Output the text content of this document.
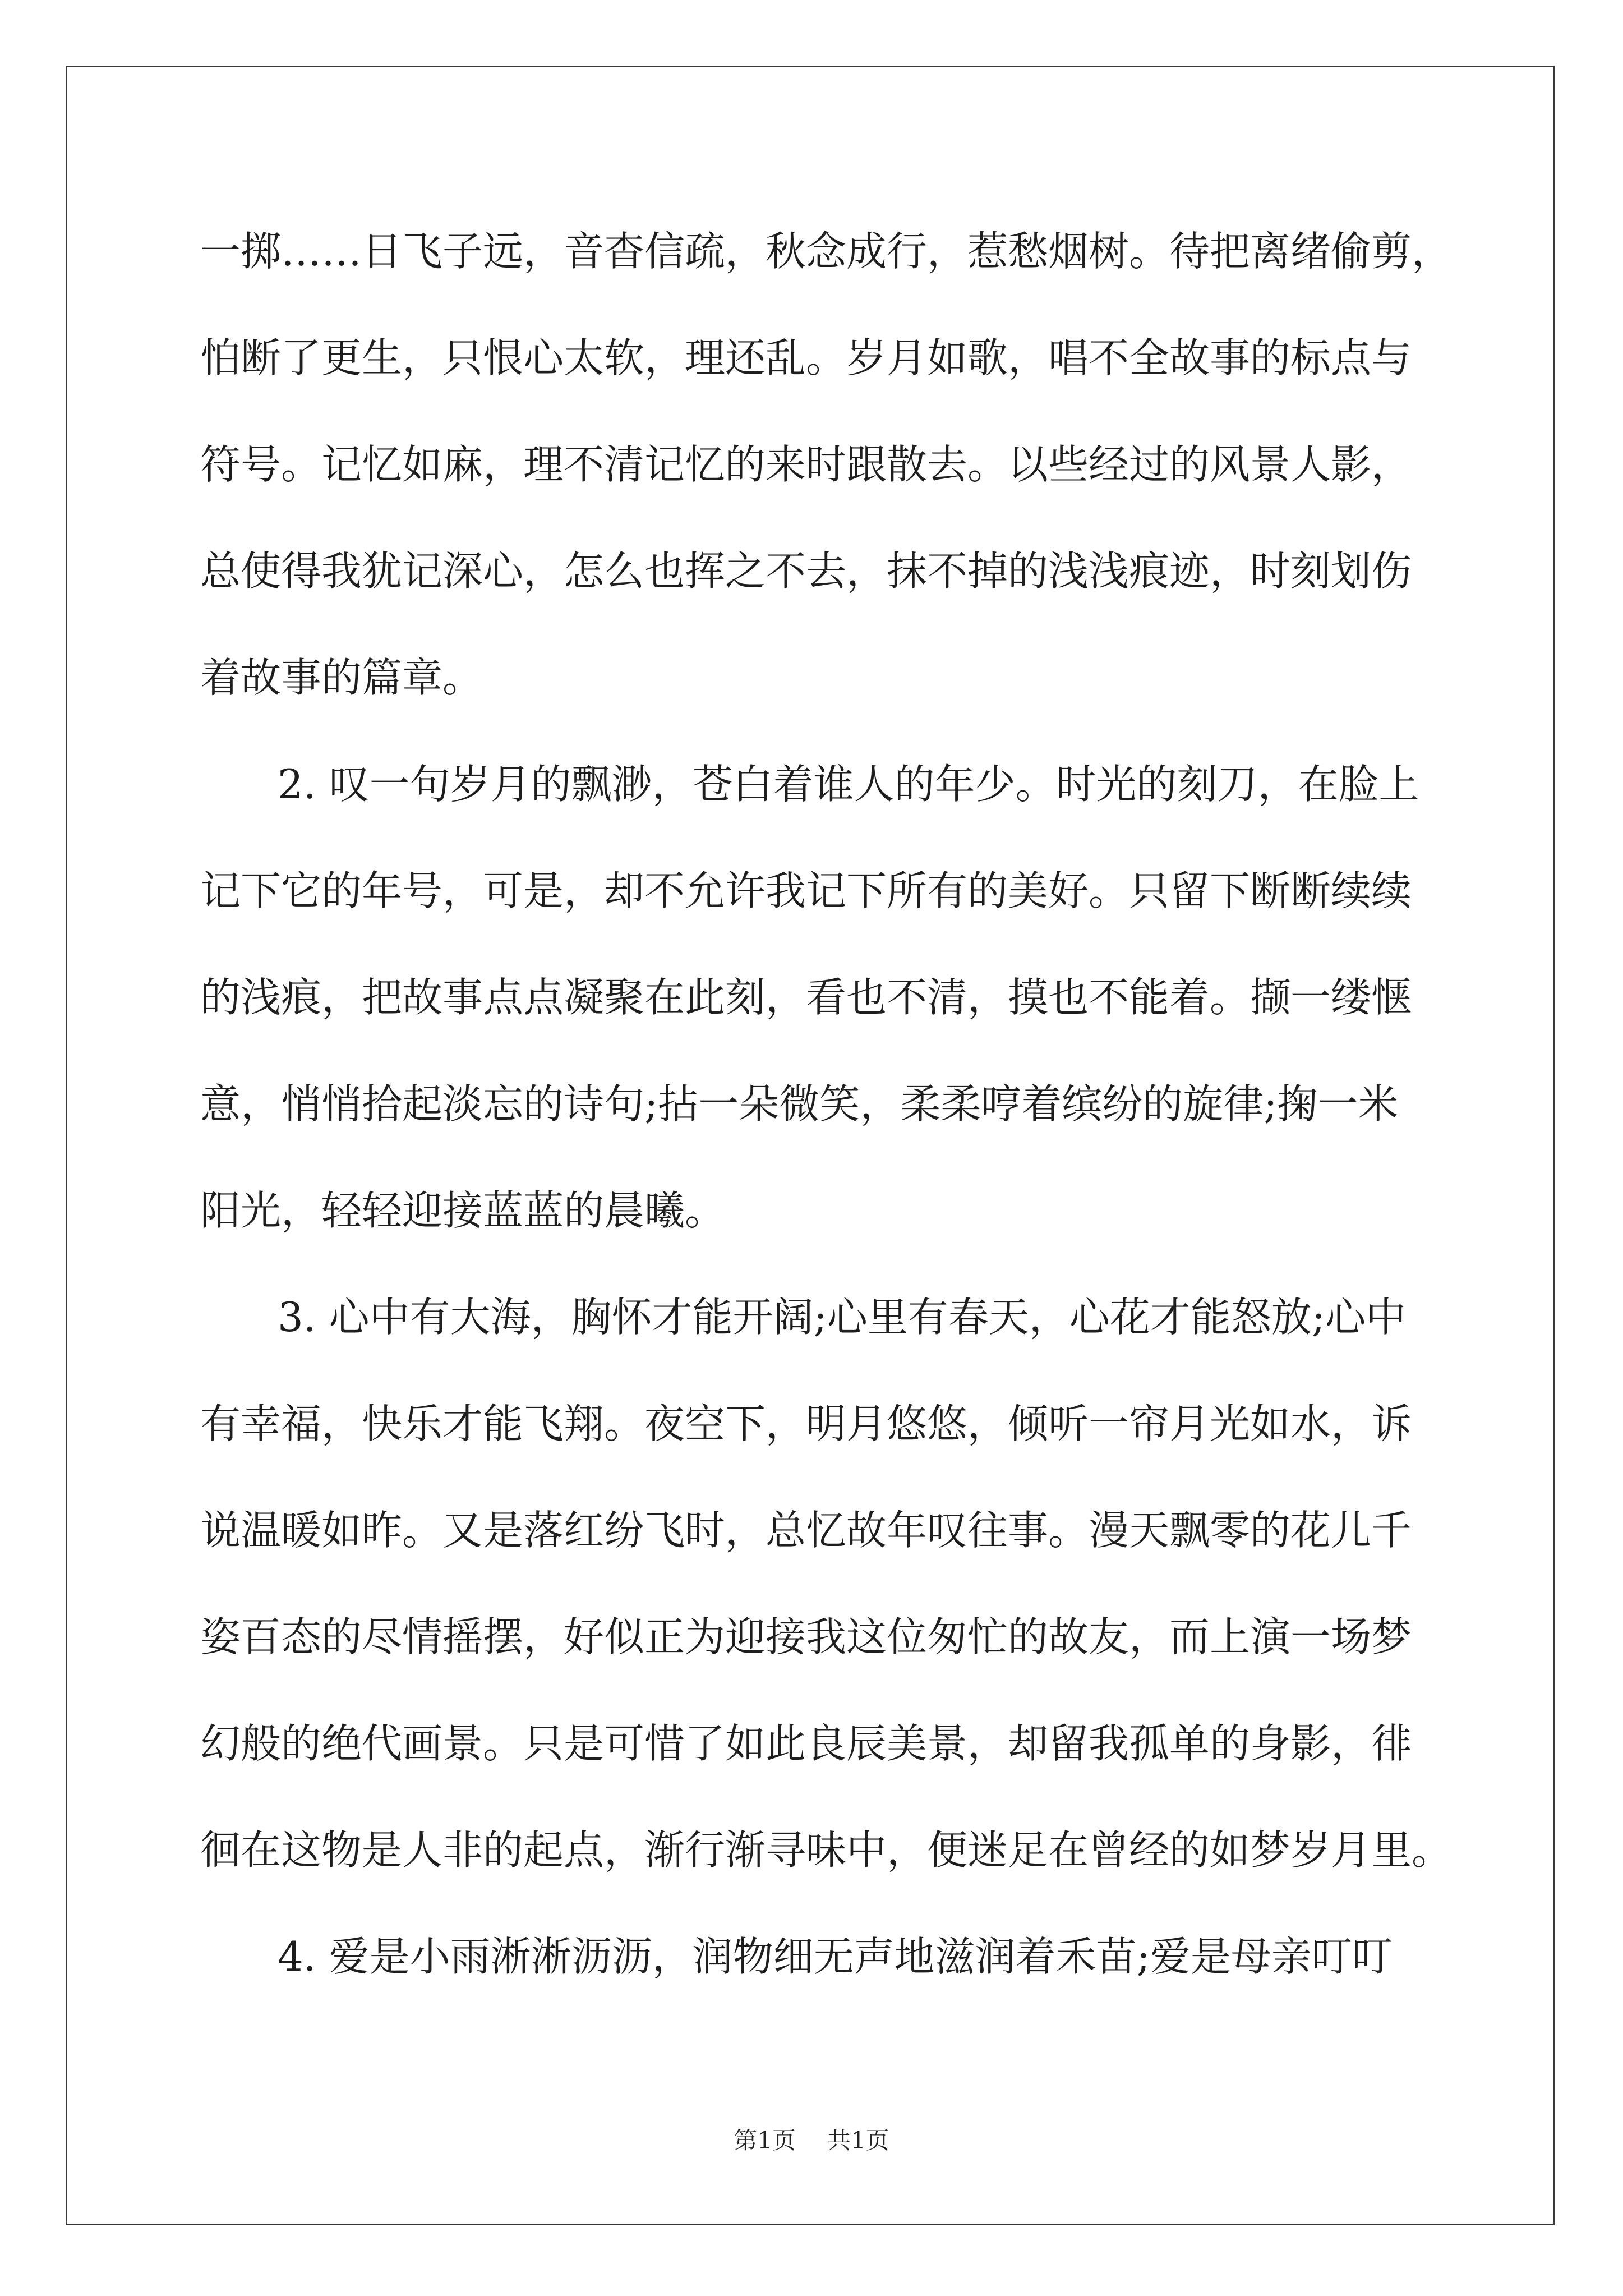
一掷……日飞子远，音杳信疏，秋念成行，惹愁烟树。待把离绪偷剪，
怕断了更生，只恨心太软，理还乱。岁月如歌，唱不全故事的标点与
符号。记忆如麻，理不清记忆的来时跟散去。以些经过的风景人影，
总使得我犹记深心，怎么也挥之不去，抹不掉的浅浅痕迹，时刻划伤
着故事的篇章。
2. 叹一句岁月的飘渺，苍白着谁人的年少。时光的刻刀，在脸上
记下它的年号，可是，却不允许我记下所有的美好。只留下断断续续
的浅痕，把故事点点凝聚在此刻，看也不清，摸也不能着。撷一缕惬
意，悄悄拾起淡忘的诗句;拈一朵微笑，柔柔哼着缤纷的旋律;掬一米
阳光，轻轻迎接蓝蓝的晨曦。
3. 心中有大海，胸怀才能开阔;心里有春天，心花才能怒放;心中
有幸福，快乐才能飞翔。夜空下，明月悠悠，倾听一帘月光如水，诉
说温暖如昨。又是落红纷飞时，总忆故年叹往事。漫天飘零的花儿千
姿百态的尽情摇摆，好似正为迎接我这位匆忙的故友，而上演一场梦
幻般的绝代画景。只是可惜了如此良辰美景，却留我孤单的身影，徘
徊在这物是人非的起点，渐行渐寻味中，便迷足在曾经的如梦岁月里。
4. 爱是小雨淅淅沥沥，润物细无声地滋润着禾苗;爱是母亲叮叮
第1页 共1页
